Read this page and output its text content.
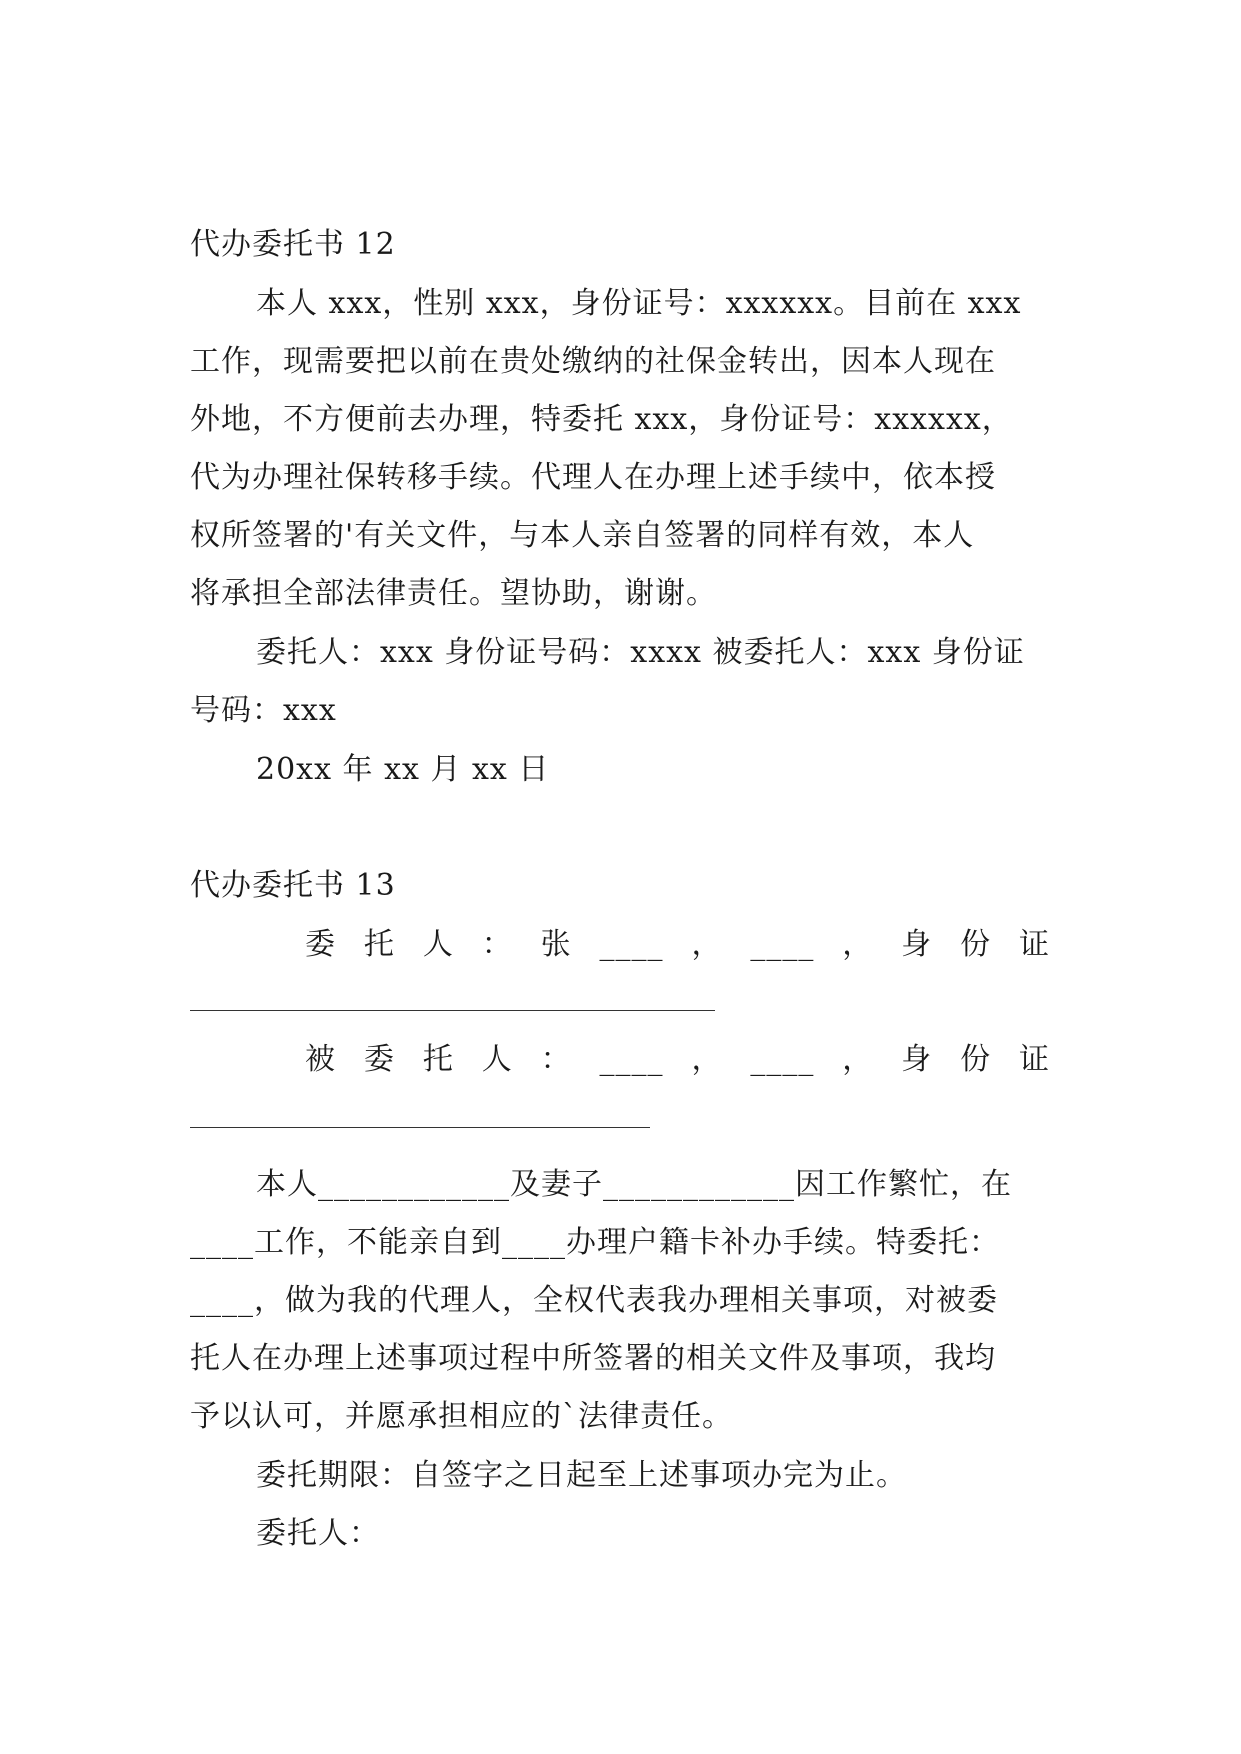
代办委托书 12
本人 xxx，性别 xxx，身份证号：xxxxxx。目前在 xxx
工作，现需要把以前在贵处缴纳的社保金转出，因本人现在
外地，不方便前去办理，特委托 xxx，身份证号：xxxxxx，
代为办理社保转移手续。代理人在办理上述手续中，依本授
权所签署的'有关文件，与本人亲自签署的同样有效，本人
将承担全部法律责任。望协助，谢谢。
委托人：xxx 身份证号码：xxxx 被委托人：xxx 身份证
号码：xxx
20xx 年 xx 月 xx 日
代办委托书 13
委 托 人 ： 张 ____ ， ____ ， 身 份 证
被 委 托 人 ： ____ ， ____ ， 身 份 证
本人____________及妻子____________因工作繁忙，在
____工作，不能亲自到____办理户籍卡补办手续。特委托：
____，做为我的代理人，全权代表我办理相关事项，对被委
托人在办理上述事项过程中所签署的相关文件及事项，我均
予以认可，并愿承担相应的`法律责任。
委托期限：自签字之日起至上述事项办完为止。
委托人：
